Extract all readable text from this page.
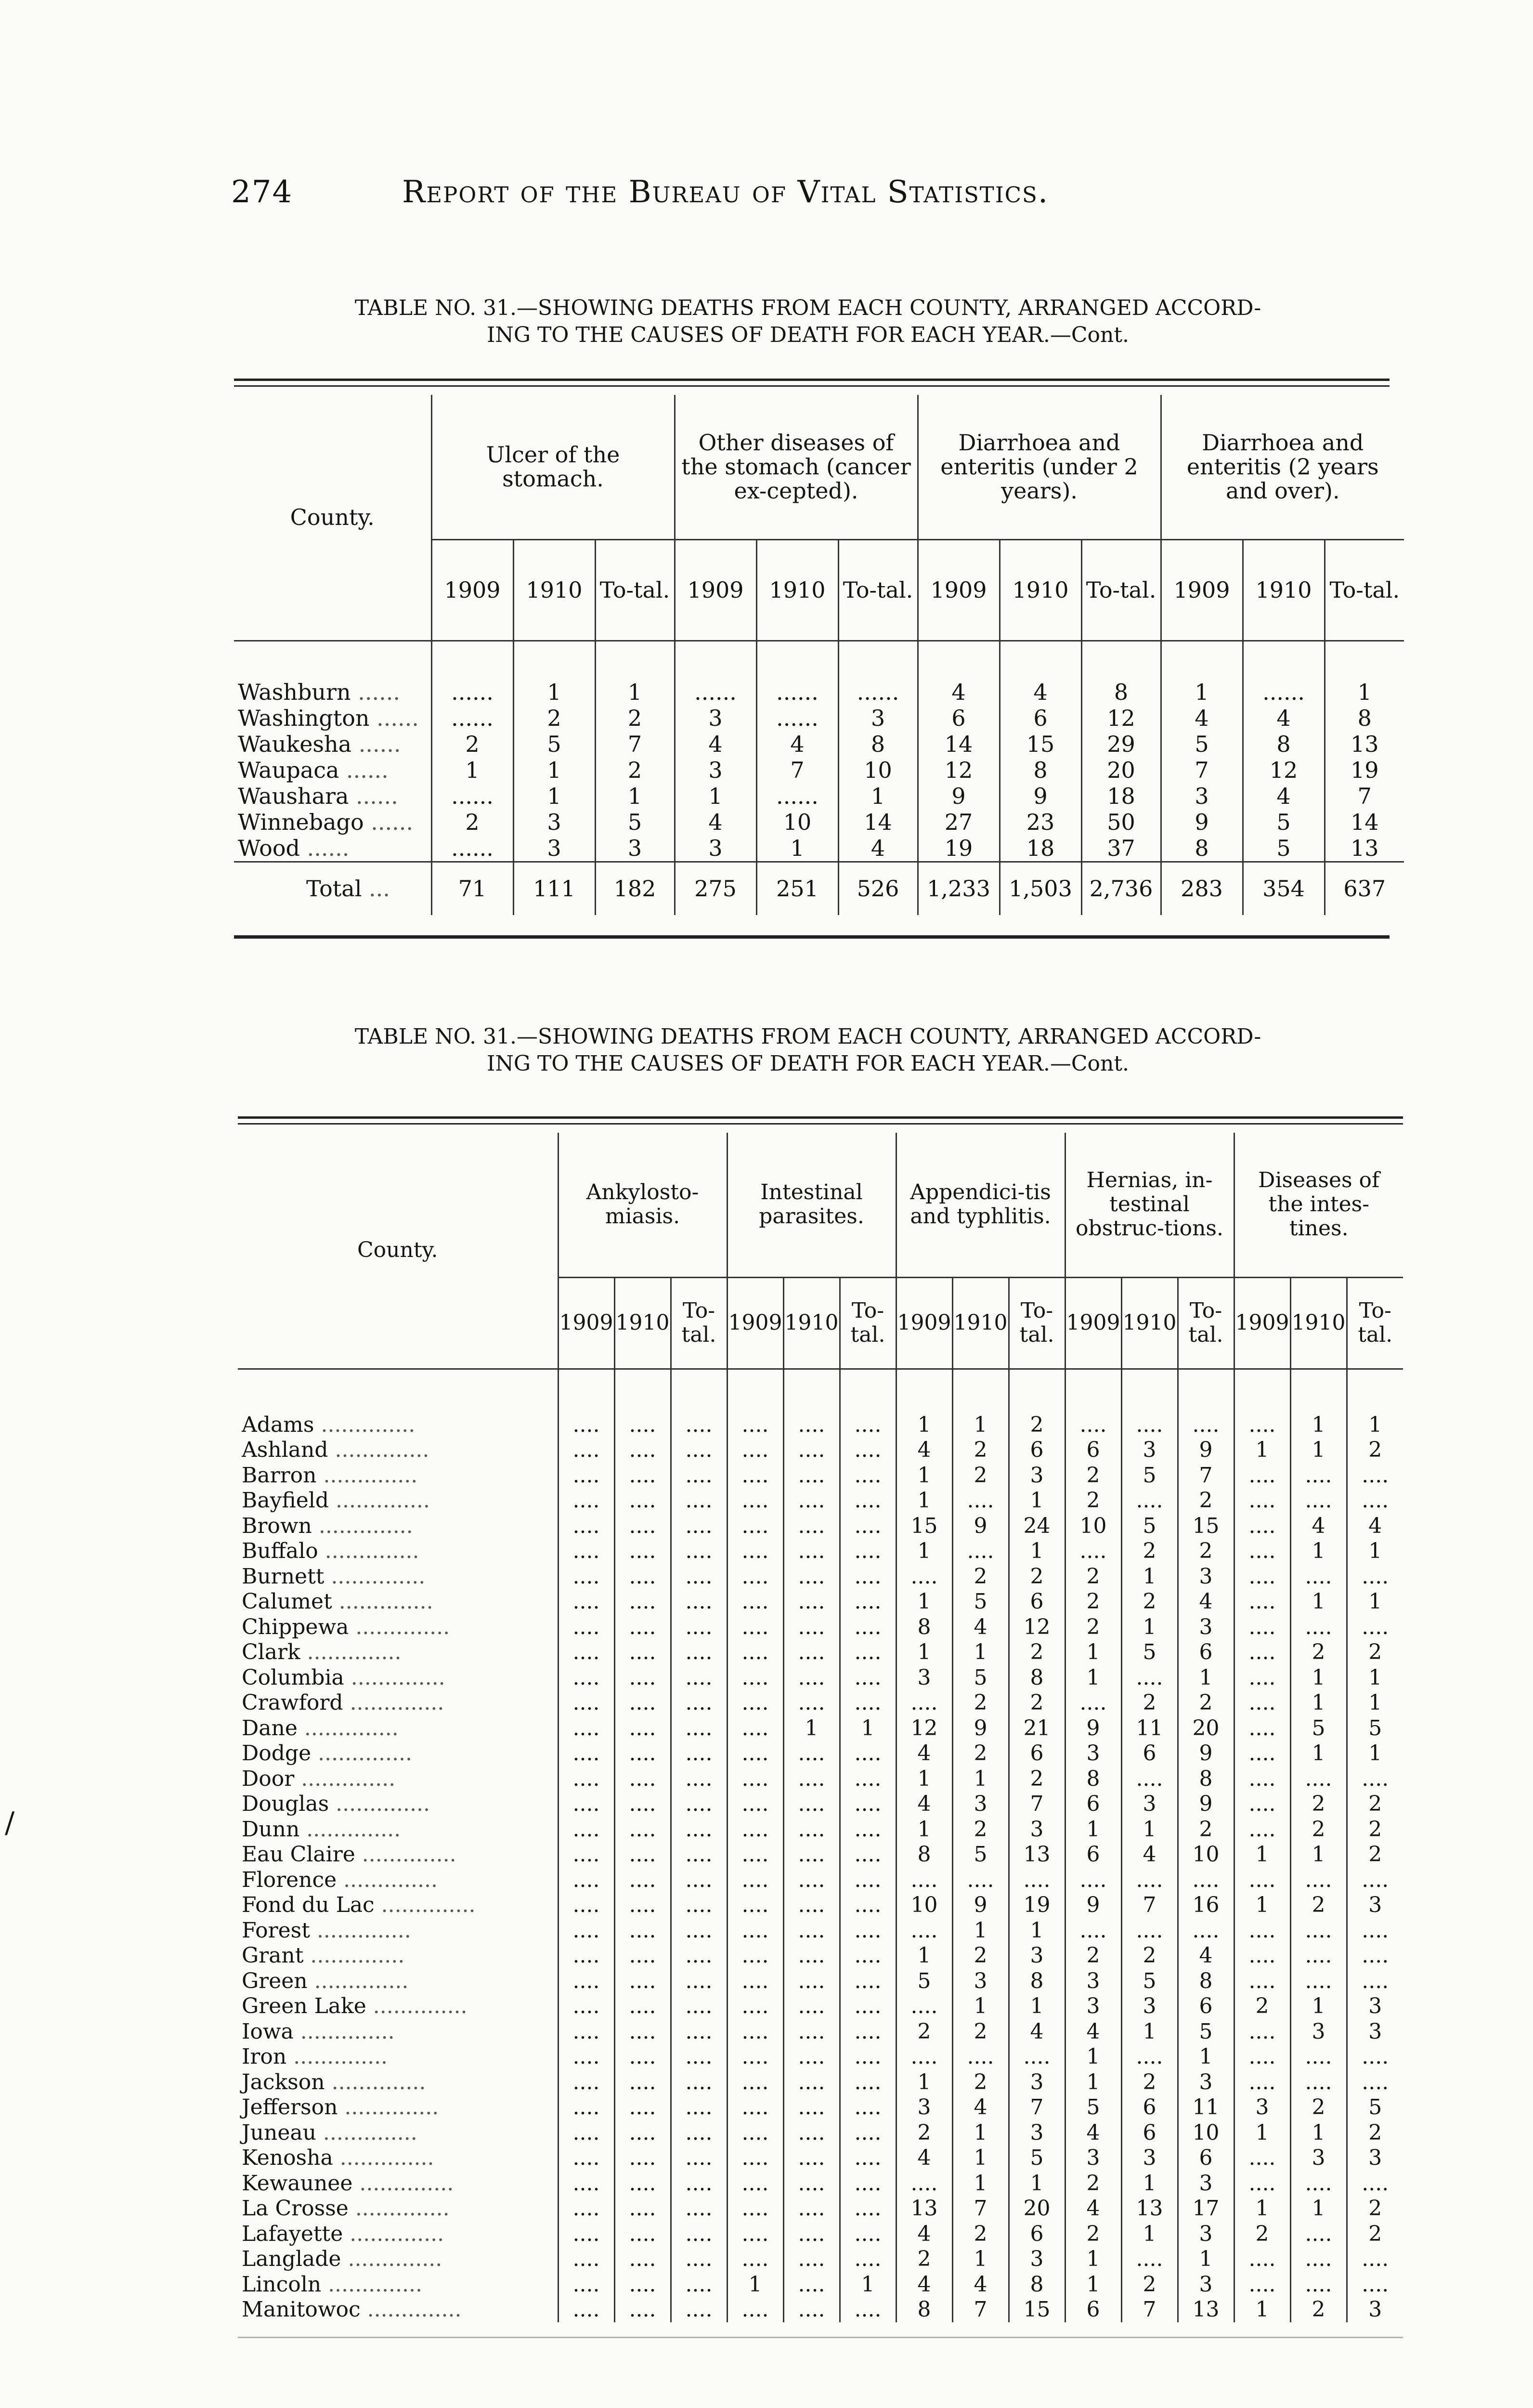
274	Report of the Bureau of Vital Statistics.
TABLE NO. 31.—SHOWING DEATHS FROM EACH COUNTY, ARRANGED ACCORD-
ING TO THE CAUSES OF DEATH FOR EACH YEAR.—Cont.
County.	Ulcer of the stomach.			Other diseases of the stomach (cancer ex-cepted).			Diarrhoea and enteritis (under 2 years).			Diarrhoea and enteritis (2 years and over).		
	1909	1910	To-tal.	1909	1910	To-tal.	1909	1910	To-tal.	1909	1910	To-tal.

Washburn ......	......	1	1	......	......	......	4	4	8	1	......	1
Washington ......	......	2	2	3	......	3	6	6	12	4	4	8
Waukesha ......	2	5	7	4	4	8	14	15	29	5	8	13
Waupaca ......	1	1	2	3	7	10	12	8	20	7	12	19
Waushara ......	......	1	1	1	......	1	9	9	18	3	4	7
Winnebago ......	2	3	5	4	10	14	27	23	50	9	5	14
Wood ......	......	3	3	3	1	4	19	18	37	8	5	13
Total ...	71	111	182	275	251	526	1,233	1,503	2,736	283	354	637
TABLE NO. 31.—SHOWING DEATHS FROM EACH COUNTY, ARRANGED ACCORD-
ING TO THE CAUSES OF DEATH FOR EACH YEAR.—Cont.
County.	Ankylosto-miasis.			Intestinal parasites.			Appendici-tis and typhlitis.			Hernias, in-testinal obstruc-tions.			Diseases of the intes-tines.		
	1909	1910	To-tal.	1909	1910	To-tal.	1909	1910	To-tal.	1909	1910	To-tal.	1909	1910	To-tal.

Adams ..............	....	....	....	....	....	....	1	1	2	....	....	....	....	1	1
Ashland ..............	....	....	....	....	....	....	4	2	6	6	3	9	1	1	2
Barron ..............	....	....	....	....	....	....	1	2	3	2	5	7	....	....	....
Bayfield ..............	....	....	....	....	....	....	1	....	1	2	....	2	....	....	....
Brown ..............	....	....	....	....	....	....	15	9	24	10	5	15	....	4	4
Buffalo ..............	....	....	....	....	....	....	1	....	1	....	2	2	....	1	1
Burnett ..............	....	....	....	....	....	....	....	2	2	2	1	3	....	....	....
Calumet ..............	....	....	....	....	....	....	1	5	6	2	2	4	....	1	1
Chippewa ..............	....	....	....	....	....	....	8	4	12	2	1	3	....	....	....
Clark ..............	....	....	....	....	....	....	1	1	2	1	5	6	....	2	2
Columbia ..............	....	....	....	....	....	....	3	5	8	1	....	1	....	1	1
Crawford ..............	....	....	....	....	....	....	....	2	2	....	2	2	....	1	1
Dane ..............	....	....	....	....	1	1	12	9	21	9	11	20	....	5	5
Dodge ..............	....	....	....	....	....	....	4	2	6	3	6	9	....	1	1
Door ..............	....	....	....	....	....	....	1	1	2	8	....	8	....	....	....
Douglas ..............	....	....	....	....	....	....	4	3	7	6	3	9	....	2	2
Dunn ..............	....	....	....	....	....	....	1	2	3	1	1	2	....	2	2
Eau Claire ..............	....	....	....	....	....	....	8	5	13	6	4	10	1	1	2
Florence ..............	....	....	....	....	....	....	....	....	....	....	....	....	....	....	....
Fond du Lac ..............	....	....	....	....	....	....	10	9	19	9	7	16	1	2	3
Forest ..............	....	....	....	....	....	....	....	1	1	....	....	....	....	....	....
Grant ..............	....	....	....	....	....	....	1	2	3	2	2	4	....	....	....
Green ..............	....	....	....	....	....	....	5	3	8	3	5	8	....	....	....
Green Lake ..............	....	....	....	....	....	....	....	1	1	3	3	6	2	1	3
Iowa ..............	....	....	....	....	....	....	2	2	4	4	1	5	....	3	3
Iron ..............	....	....	....	....	....	....	....	....	....	1	....	1	....	....	....
Jackson ..............	....	....	....	....	....	....	1	2	3	1	2	3	....	....	....
Jefferson ..............	....	....	....	....	....	....	3	4	7	5	6	11	3	2	5
Juneau ..............	....	....	....	....	....	....	2	1	3	4	6	10	1	1	2
Kenosha ..............	....	....	....	....	....	....	4	1	5	3	3	6	....	3	3
Kewaunee ..............	....	....	....	....	....	....	....	1	1	2	1	3	....	....	....
La Crosse ..............	....	....	....	....	....	....	13	7	20	4	13	17	1	1	2
Lafayette ..............	....	....	....	....	....	....	4	2	6	2	1	3	2	....	2
Langlade ..............	....	....	....	....	....	....	2	1	3	1	....	1	....	....	....
Lincoln ..............	....	....	....	1	....	1	4	4	8	1	2	3	....	....	....
Manitowoc ..............	....	....	....	....	....	....	8	7	15	6	7	13	1	2	3
/
